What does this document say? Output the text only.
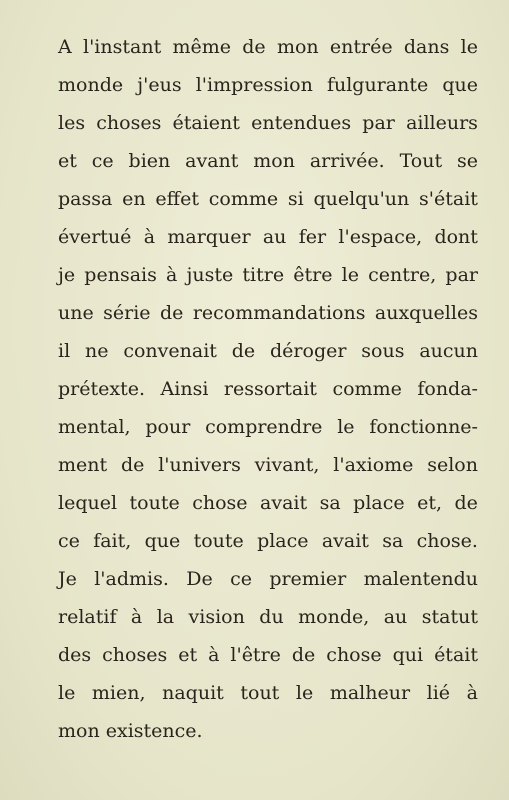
A l'instant même de mon entrée dans le
monde j'eus l'impression fulgurante que
les choses étaient entendues par ailleurs
et ce bien avant mon arrivée. Tout se
passa en effet comme si quelqu'un s'était
évertué à marquer au fer l'espace, dont
je pensais à juste titre être le centre, par
une série de recommandations auxquelles
il ne convenait de déroger sous aucun
prétexte. Ainsi ressortait comme fonda-
mental, pour comprendre le fonctionne-
ment de l'univers vivant, l'axiome selon
lequel toute chose avait sa place et, de
ce fait, que toute place avait sa chose.
Je l'admis. De ce premier malentendu
relatif à la vision du monde, au statut
des choses et à l'être de chose qui était
le mien, naquit tout le malheur lié à
mon existence.
